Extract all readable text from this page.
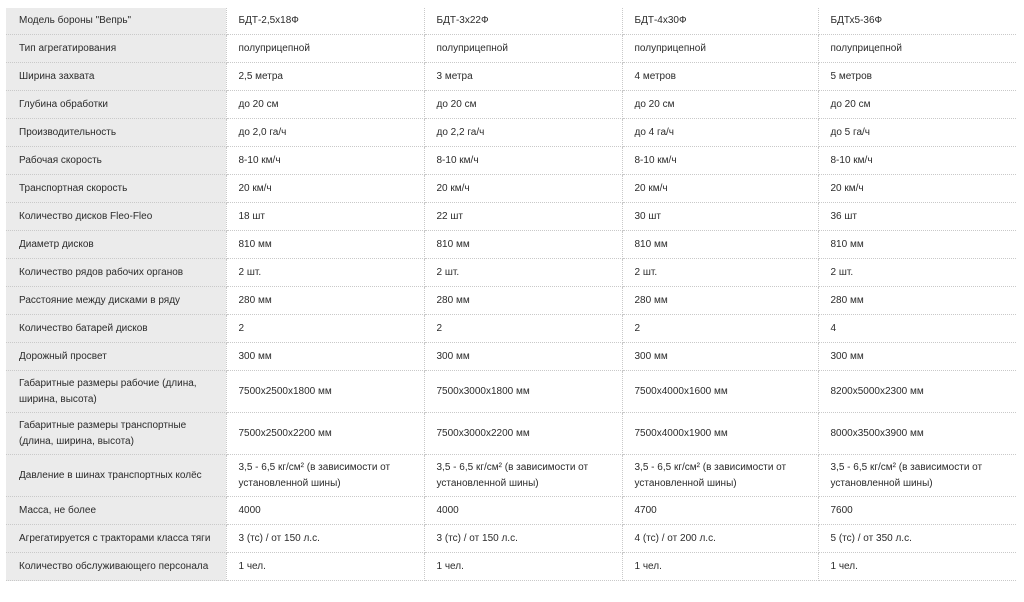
Модель бороны "Вепрь"	БДТ-2,5х18Ф	БДТ-3х22Ф	БДТ-4х30Ф	БДТх5-36Ф
Тип агрегатирования	полуприцепной	полуприцепной	полуприцепной	полуприцепной
Ширина захвата	2,5 метра	3 метра	4 метров	5 метров
Глубина обработки	до 20 см	до 20 см	до 20 см	до 20 см
Производительность	до 2,0 га/ч	до 2,2 га/ч	до 4 га/ч	до 5 га/ч
Рабочая скорость	8-10 км/ч	8-10 км/ч	8-10 км/ч	8-10 км/ч
Транспортная скорость	20 км/ч	20 км/ч	20 км/ч	20 км/ч
Количество дисков Fleo-Fleo	18 шт	22 шт	30 шт	36 шт
Диаметр дисков	810 мм	810 мм	810 мм	810 мм
Количество рядов рабочих органов	2 шт.	2 шт.	2 шт.	2 шт.
Расстояние между дисками в ряду	280 мм	280 мм	280 мм	280 мм
Количество батарей дисков	2	2	2	4
Дорожный просвет	300 мм	300 мм	300 мм	300 мм
Габаритные размеры рабочие (длина, ширина, высота)	7500х2500х1800 мм	7500х3000х1800 мм	7500х4000х1600 мм	8200х5000х2300 мм
Габаритные размеры транспортные (длина, ширина, высота)	7500х2500х2200 мм	7500х3000х2200 мм	7500х4000х1900 мм	8000х3500х3900 мм
Давление в шинах транспортных колёс	3,5 - 6,5 кг/см² (в зависимости от установленной шины)	3,5 - 6,5 кг/см² (в зависимости от установленной шины)	3,5 - 6,5 кг/см² (в зависимости от установленной шины)	3,5 - 6,5 кг/см² (в зависимости от установленной шины)
Масса, не более	4000	4000	4700	7600
Агрегатируется с тракторами класса тяги	3 (тс) / от 150 л.с.	3 (тс) / от 150 л.с.	4 (тс) / от 200 л.с.	5 (тс) / от 350 л.с.
Количество обслуживающего персонала	1 чел.	1 чел.	1 чел.	1 чел.
